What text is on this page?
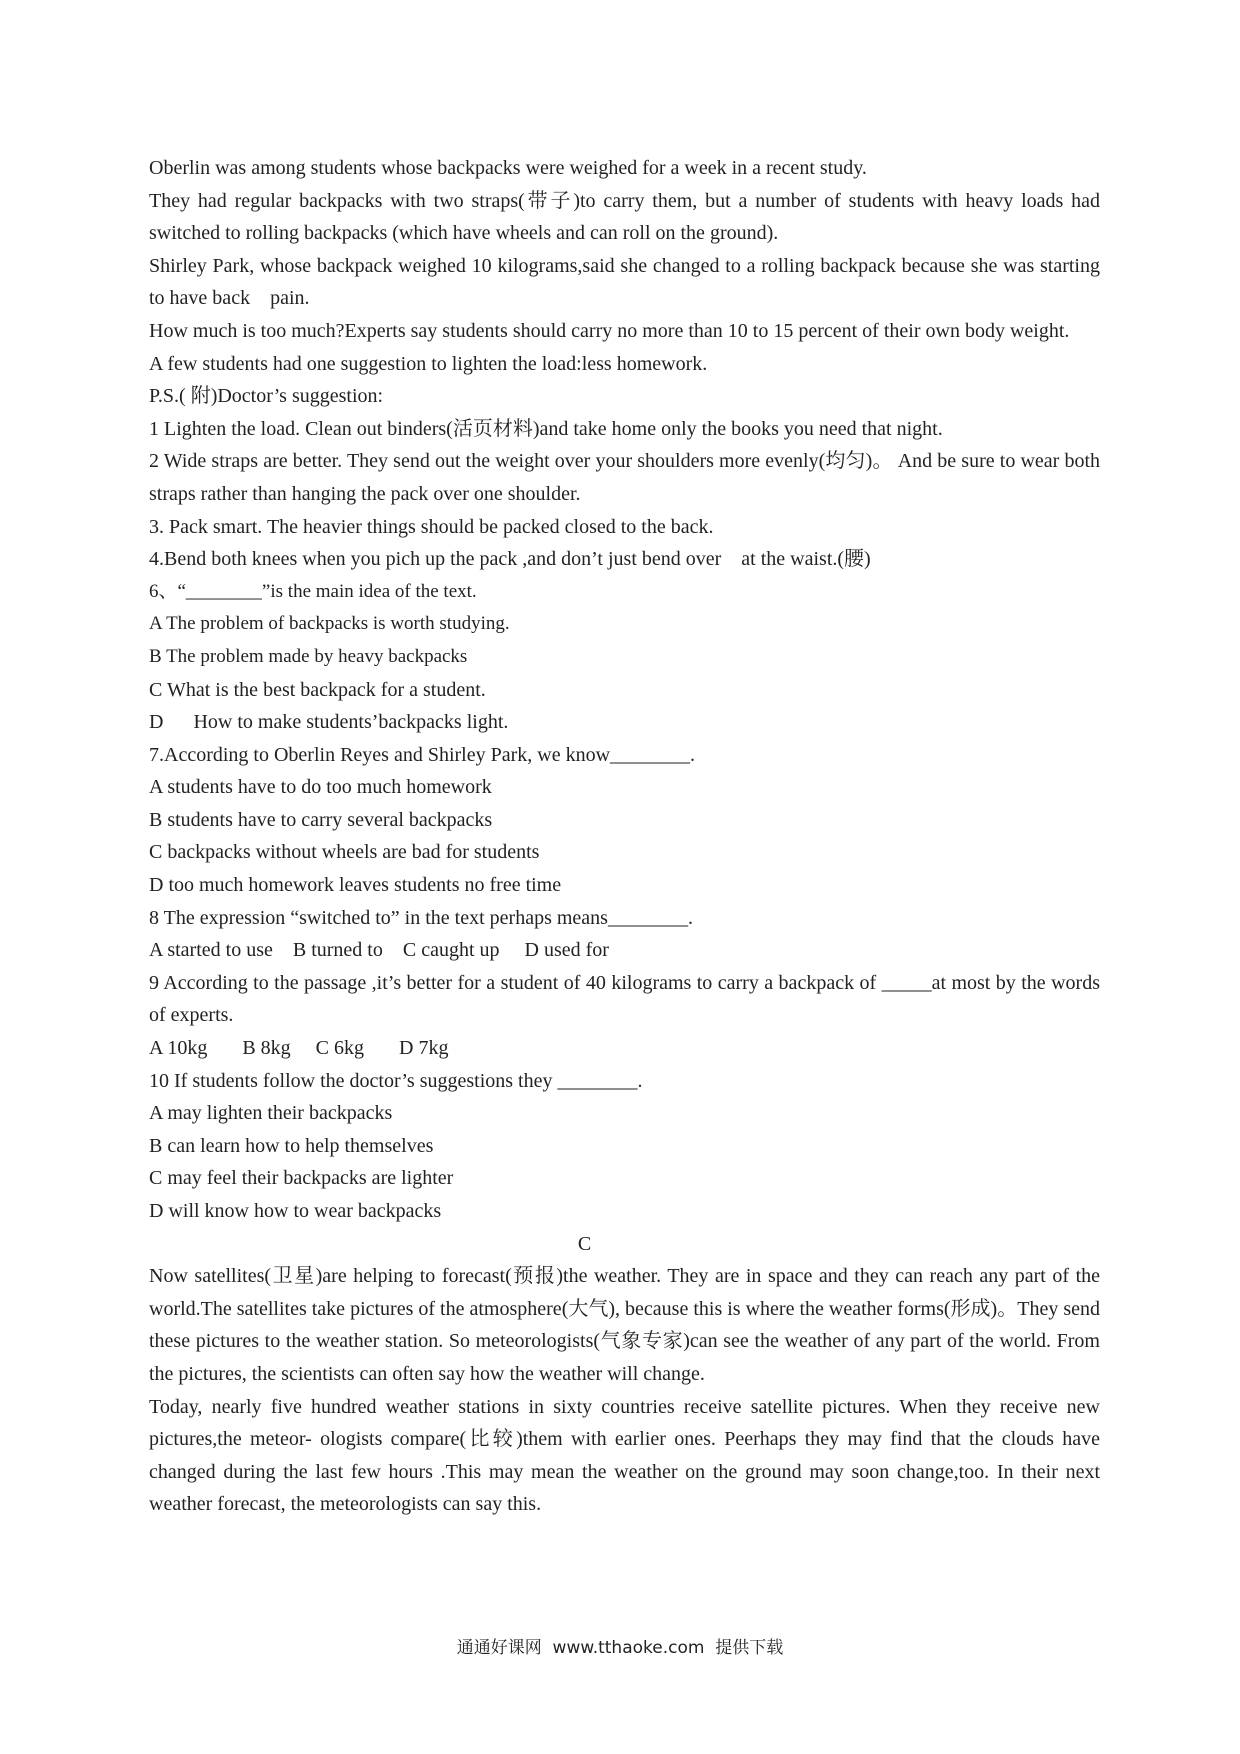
Oberlin was among students whose backpacks were weighed for a week in a recent study.
They had regular backpacks with two straps(带子)to carry them, but a number of students with heavy loads had switched to rolling backpacks (which have wheels and can roll on the ground).
Shirley Park, whose backpack weighed 10 kilograms,said she changed to a rolling backpack because she was starting to have back    pain.
How much is too much?Experts say students should carry no more than 10 to 15 percent of their own body weight.
A few students had one suggestion to lighten the load:less homework.
P.S.( 附)Doctor’s suggestion:
1 Lighten the load. Clean out binders(活页材料)and take home only the books you need that night.
2 Wide straps are better. They send out the weight over your shoulders more evenly(均匀)。 And be sure to wear both straps rather than hanging the pack over one shoulder.
3. Pack smart. The heavier things should be packed closed to the back.
4.Bend both knees when you pich up the pack ,and don’t just bend over    at the waist.(腰)
6、“________”is the main idea of the text.
A The problem of backpacks is worth studying.
B The problem made by heavy backpacks
C What is the best backpack for a student.
D      How to make students’backpacks light.
7.According to Oberlin Reyes and Shirley Park, we know________.
A students have to do too much homework
B students have to carry several backpacks
C backpacks without wheels are bad for students
D too much homework leaves students no free time
8 The expression “switched to” in the text perhaps means________.
A started to use    B turned to    C caught up     D used for
9 According to the passage ,it’s better for a student of 40 kilograms to carry a backpack of _____at most by the words of experts.
A 10kg       B 8kg     C 6kg       D 7kg
10 If students follow the doctor’s suggestions they ________.
A may lighten their backpacks
B can learn how to help themselves
C may feel their backpacks are lighter
D will know how to wear backpacks
C
Now satellites(卫星)are helping to forecast(预报)the weather. They are in space and they can reach any part of the world.The satellites take pictures of the atmosphere(大气), because this is where the weather forms(形成)。They send these pictures to the weather station. So meteorologists(气象专家)can see the weather of any part of the world. From the pictures, the scientists can often say how the weather will change.
Today, nearly five hundred weather stations in sixty countries receive satellite pictures. When they receive new pictures,the meteor- ologists compare(比较)them with earlier ones. Peerhaps they may find that the clouds have changed during the last few hours .This may mean the weather on the ground may soon change,too. In their next weather forecast, the meteorologists can say this.
通通好课网  www.tthaoke.com  提供下载
